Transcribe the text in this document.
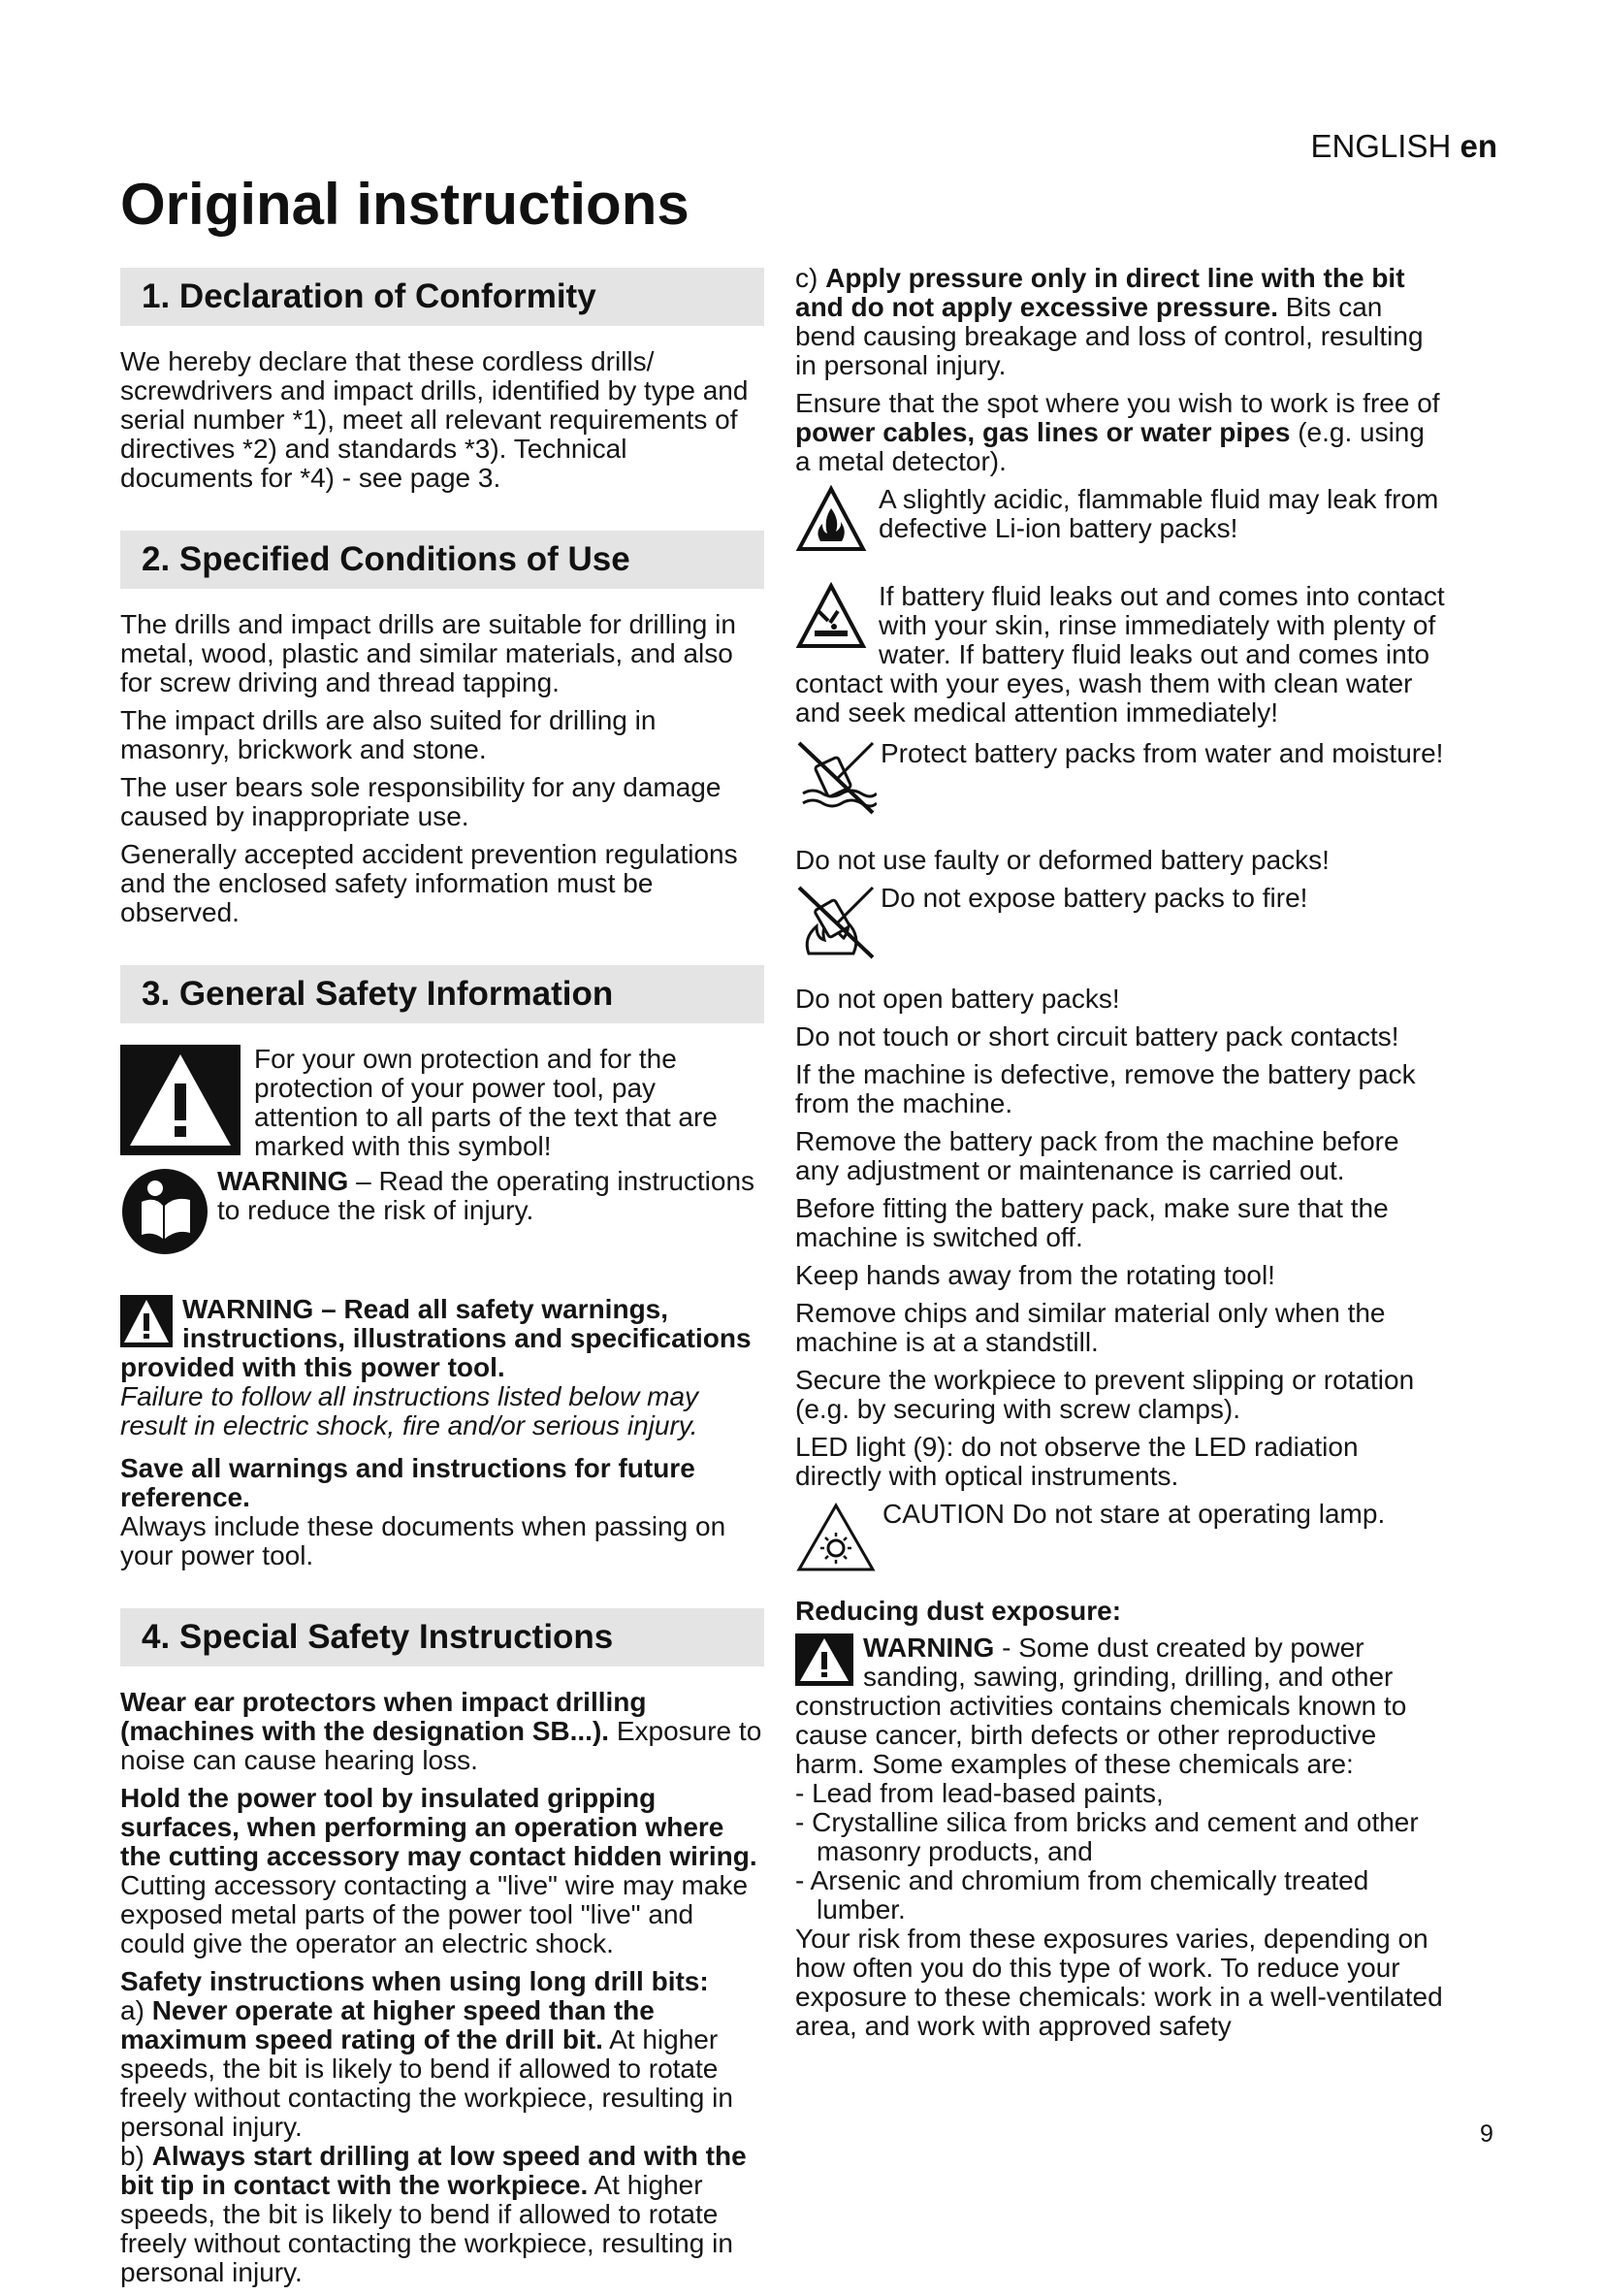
ENGLISH en
Original instructions
1. Declaration of Conformity

We hereby declare that these cordless drills/ screwdrivers and impact drills, identified by type and serial number *1), meet all relevant requirements of directives *2) and standards *3). Technical documents for *4) - see page 3.

2. Specified Conditions of Use

The drills and impact drills are suitable for drilling in metal, wood, plastic and similar materials, and also for screw driving and thread tapping.

The impact drills are also suited for drilling in masonry, brickwork and stone.

The user bears sole responsibility for any damage caused by inappropriate use.

Generally accepted accident prevention regulations and the enclosed safety information must be observed.

3. General Safety Information
For your own protection and for the protection of your power tool, pay attention to all parts of the text that are marked with this symbol!
WARNING – Read the operating instructions to reduce the risk of injury.
WARNING – Read all safety warnings, instructions, illustrations and specifications provided with this power tool.
Failure to follow all instructions listed below may result in electric shock, fire and/or serious injury.

Save all warnings and instructions for future reference.

Always include these documents when passing on your power tool.

4. Special Safety Instructions

Wear ear protectors when impact drilling (machines with the designation SB...). Exposure to noise can cause hearing loss.

Hold the power tool by insulated gripping surfaces, when performing an operation where the cutting accessory may contact hidden wiring. Cutting accessory contacting a "live" wire may make exposed metal parts of the power tool "live" and could give the operator an electric shock.

Safety instructions when using long drill bits:

a) Never operate at higher speed than the maximum speed rating of the drill bit. At higher speeds, the bit is likely to bend if allowed to rotate freely without contacting the workpiece, resulting in personal injury.

b) Always start drilling at low speed and with the bit tip in contact with the workpiece. At higher speeds, the bit is likely to bend if allowed to rotate freely without contacting the workpiece, resulting in personal injury.

c) Apply pressure only in direct line with the bit and do not apply excessive pressure. Bits can bend causing breakage and loss of control, resulting in personal injury.

Ensure that the spot where you wish to work is free of power cables, gas lines or water pipes (e.g. using a metal detector).

A slightly acidic, flammable fluid may leak from defective Li-ion battery packs!
If battery fluid leaks out and comes into contact with your skin, rinse immediately with plenty of water. If battery fluid leaks out and comes into contact with your eyes, wash them with clean water and seek medical attention immediately!
Protect battery packs from water and moisture!

Do not use faulty or deformed battery packs!

Do not expose battery packs to fire!

Do not open battery packs!

Do not touch or short circuit battery pack contacts!

If the machine is defective, remove the battery pack from the machine.

Remove the battery pack from the machine before any adjustment or maintenance is carried out.

Before fitting the battery pack, make sure that the machine is switched off.

Keep hands away from the rotating tool!

Remove chips and similar material only when the machine is at a standstill.

Secure the workpiece to prevent slipping or rotation (e.g. by securing with screw clamps).

LED light (9): do not observe the LED radiation directly with optical instruments.

CAUTION Do not stare at operating lamp.
Reducing dust exposure:
WARNING - Some dust created by power sanding, sawing, grinding, drilling, and other construction activities contains chemicals known to cause cancer, birth defects or other reproductive harm. Some examples of these chemicals are:
- Lead from lead-based paints,
- Crystalline silica from bricks and cement and other masonry products, and
- Arsenic and chromium from chemically treated lumber.

Your risk from these exposures varies, depending on how often you do this type of work. To reduce your exposure to these chemicals: work in a well-ventilated area, and work with approved safety

9
